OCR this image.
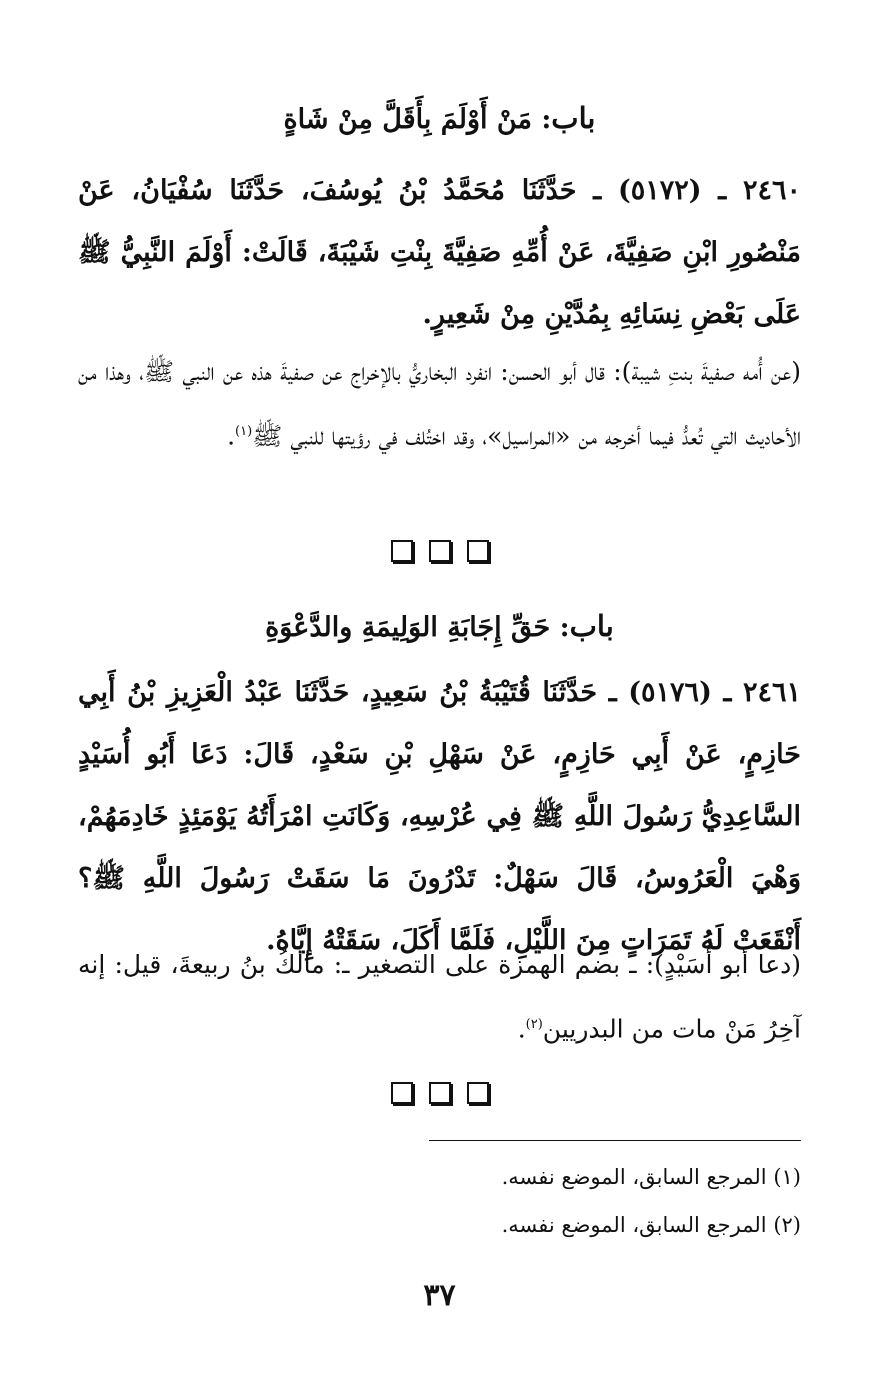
باب: مَنْ أَوْلَمَ بِأَقَلَّ مِنْ شَاةٍ
٢٤٦٠ ـ (٥١٧٢) ـ حَدَّثَنَا مُحَمَّدُ بْنُ يُوسُفَ، حَدَّثَنَا سُفْيَانُ، عَنْ مَنْصُورِ ابْنِ صَفِيَّةَ، عَنْ أُمِّهِ صَفِيَّةَ بِنْتِ شَيْبَةَ، قَالَتْ: أَوْلَمَ النَّبِيُّ ﷺ عَلَى بَعْضِ نِسَائِهِ بِمُدَّيْنِ مِنْ شَعِيرٍ.
(عن أُمه صفيةَ بنتِ شيبة): قال أبو الحسن: انفرد البخاريُّ بالإخراج عن صفيةَ هذه عن النبي ﷺ، وهذا من الأحاديث التي تُعدُّ فيما أخرجه من «المراسيل»، وقد اختُلف في رؤيتها للنبي ﷺ$^{(١)}$.
باب: حَقِّ إِجَابَةِ الوَلِيمَةِ والدَّعْوَةِ
٢٤٦١ ـ (٥١٧٦) ـ حَدَّثَنَا قُتَيْبَةُ بْنُ سَعِيدٍ، حَدَّثَنَا عَبْدُ الْعَزِيزِ بْنُ أَبِي حَازِمٍ، عَنْ أَبِي حَازِمٍ، عَنْ سَهْلِ بْنِ سَعْدٍ، قَالَ: دَعَا أَبُو أُسَيْدٍ السَّاعِدِيُّ رَسُولَ اللَّهِ ﷺ فِي عُرْسِهِ، وَكَانَتِ امْرَأَتُهُ يَوْمَئِذٍ خَادِمَهُمْ، وَهْيَ الْعَرُوسُ، قَالَ سَهْلٌ: تَدْرُونَ مَا سَقَتْ رَسُولَ اللَّهِ ﷺ؟ أَنْقَعَتْ لَهُ تَمَرَاتٍ مِنَ اللَّيْلِ، فَلَمَّا أَكَلَ، سَقَتْهُ إِيَّاهُ.
(دعا أبو أُسَيْدٍ): ـ بضم الهمزة على التصغير ـ: مالكُ بنُ ربيعةَ، قيل: إنه آخِرُ مَنْ مات من البدريين$^{(٢)}$.
(١) المرجع السابق، الموضع نفسه.
(٢) المرجع السابق، الموضع نفسه.
٣٧
